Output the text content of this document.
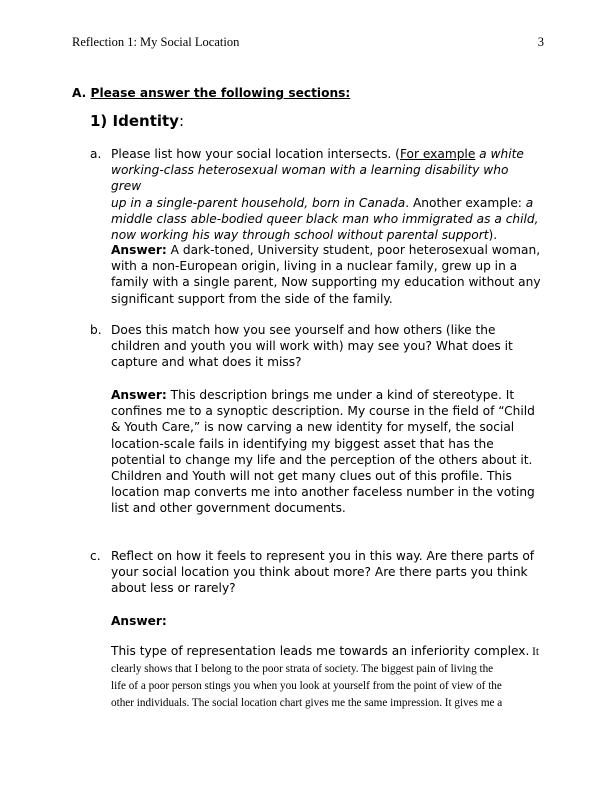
Reflection 1: My Social Location	3
A. Please answer the following sections:
1) Identity:
a. Please list how your social location intersects. (For example a white
working-class heterosexual woman with a learning disability who grew
up in a single-parent household, born in Canada. Another example: a
middle class able-bodied queer black man who immigrated as a child,
now working his way through school without parental support).
Answer: A dark-toned, University student, poor heterosexual woman,
with a non-European origin, living in a nuclear family, grew up in a
family with a single parent, Now supporting my education without any
significant support from the side of the family.
b. Does this match how you see yourself and how others (like the
children and youth you will work with) may see you? What does it
capture and what does it miss?
Answer: This description brings me under a kind of stereotype. It
confines me to a synoptic description. My course in the field of “Child
& Youth Care,” is now carving a new identity for myself, the social
location-scale fails in identifying my biggest asset that has the
potential to change my life and the perception of the others about it.
Children and Youth will not get many clues out of this profile. This
location map converts me into another faceless number in the voting
list and other government documents.
c. Reflect on how it feels to represent you in this way. Are there parts of
your social location you think about more? Are there parts you think
about less or rarely?
Answer:
This type of representation leads me towards an inferiority complex. It
clearly shows that I belong to the poor strata of society. The biggest pain of living the
life of a poor person stings you when you look at yourself from the point of view of the
other individuals. The social location chart gives me the same impression. It gives me a
